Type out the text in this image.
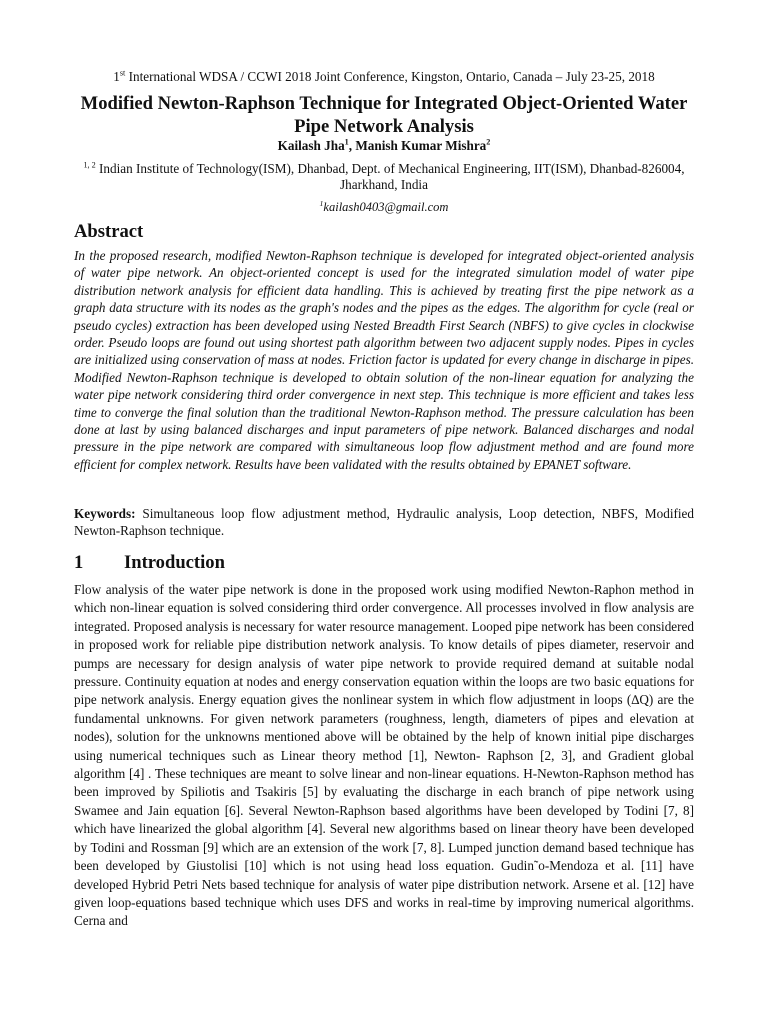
1st International WDSA / CCWI 2018 Joint Conference, Kingston, Ontario, Canada – July 23-25, 2018
Modified Newton-Raphson Technique for Integrated Object-Oriented Water Pipe Network Analysis
Kailash Jha$^1$, Manish Kumar Mishra$^2$
$^{1, 2}$ Indian Institute of Technology(ISM), Dhanbad, Dept. of Mechanical Engineering, IIT(ISM), Dhanbad-826004, Jharkhand, India
$^1$kailash0403@gmail.com
Abstract

In the proposed research, modified Newton-Raphson technique is developed for integrated object-oriented analysis of water pipe network. An object-oriented concept is used for the integrated simulation model of water pipe distribution network analysis for efficient data handling. This is achieved by treating first the pipe network as a graph data structure with its nodes as the graph's nodes and the pipes as the edges. The algorithm for cycle (real or pseudo cycles) extraction has been developed using Nested Breadth First Search (NBFS) to give cycles in clockwise order. Pseudo loops are found out using shortest path algorithm between two adjacent supply nodes. Pipes in cycles are initialized using conservation of mass at nodes. Friction factor is updated for every change in discharge in pipes. Modified Newton-Raphson technique is developed to obtain solution of the non-linear equation for analyzing the water pipe network considering third order convergence in next step. This technique is more efficient and takes less time to converge the final solution than the traditional Newton-Raphson method. The pressure calculation has been done at last by using balanced discharges and input parameters of pipe network. Balanced discharges and nodal pressure in the pipe network are compared with simultaneous loop flow adjustment method and are found more efficient for complex network. Results have been validated with the results obtained by EPANET software.

Keywords: Simultaneous loop flow adjustment method, Hydraulic analysis, Loop detection, NBFS, Modified Newton-Raphson technique.

1 Introduction

Flow analysis of the water pipe network is done in the proposed work using modified Newton-Raphon method in which non-linear equation is solved considering third order convergence. All processes involved in flow analysis are integrated. Proposed analysis is necessary for water resource management. Looped pipe network has been considered in proposed work for reliable pipe distribution network analysis. To know details of pipes diameter, reservoir and pumps are necessary for design analysis of water pipe network to provide required demand at suitable nodal pressure. Continuity equation at nodes and energy conservation equation within the loops are two basic equations for pipe network analysis. Energy equation gives the nonlinear system in which flow adjustment in loops (∆Q) are the fundamental unknowns. For given network parameters (roughness, length, diameters of pipes and elevation at nodes), solution for the unknowns mentioned above will be obtained by the help of known initial pipe discharges using numerical techniques such as Linear theory method [1], Newton- Raphson [2, 3], and Gradient global algorithm [4] . These techniques are meant to solve linear and non-linear equations. H-Newton-Raphson method has been improved by Spiliotis and Tsakiris [5] by evaluating the discharge in each branch of pipe network using Swamee and Jain equation [6]. Several Newton-Raphson based algorithms have been developed by Todini [7, 8] which have linearized the global algorithm [4]. Several new algorithms based on linear theory have been developed by Todini and Rossman [9] which are an extension of the work [7, 8]. Lumped junction demand based technique has been developed by Giustolisi [10] which is not using head loss equation. Gudin˜o-Mendoza et al. [11] have developed Hybrid Petri Nets based technique for analysis of water pipe distribution network. Arsene et al. [12] have given loop-equations based technique which uses DFS and works in real-time by improving numerical algorithms. Cerna and
